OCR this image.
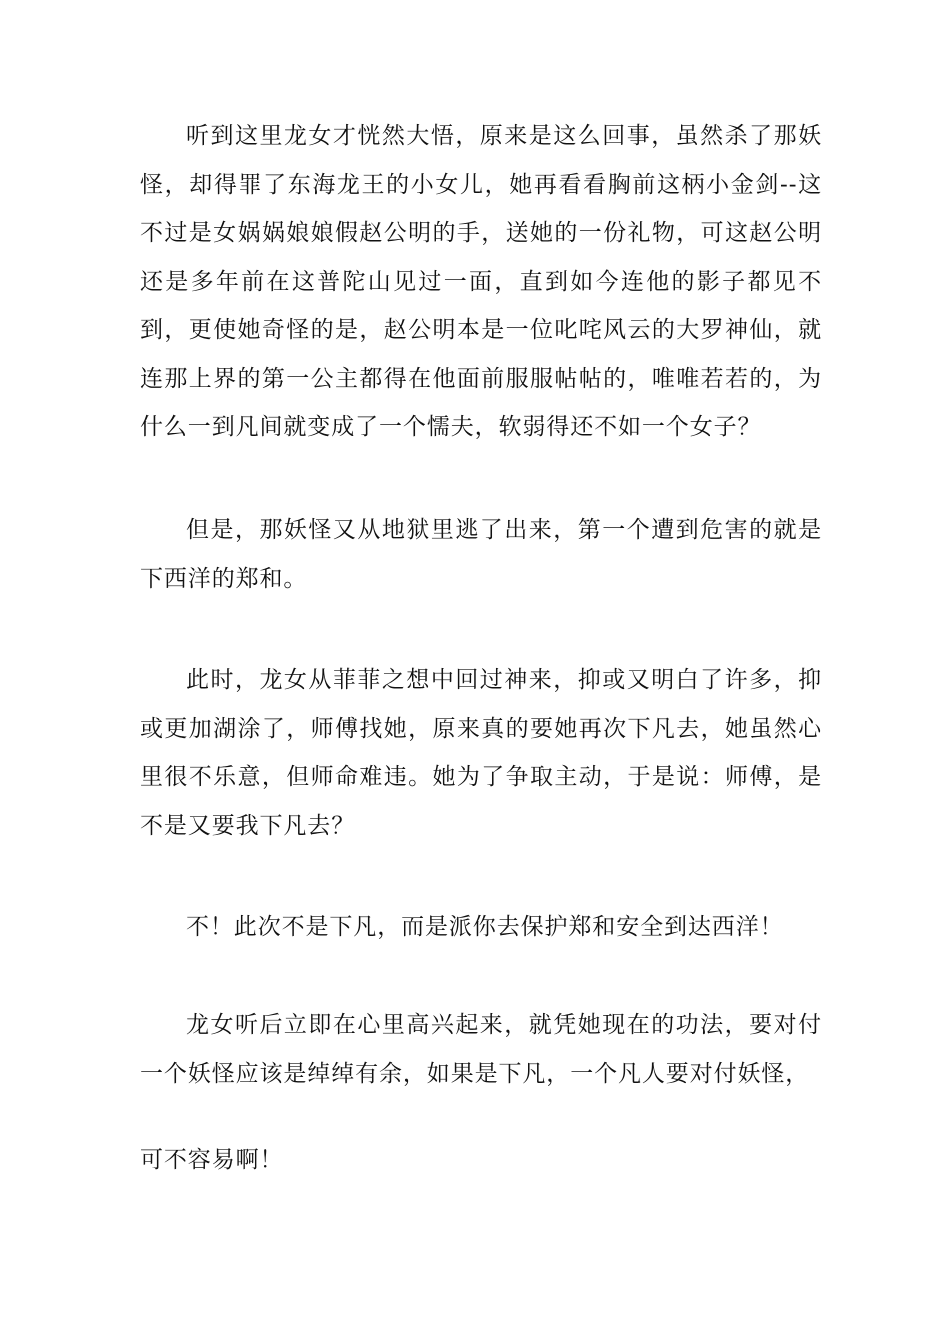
听到这里龙女才恍然大悟，原来是这么回事，虽然杀了那妖怪，却得罪了东海龙王的小女儿，她再看看胸前这柄小金剑--这不过是女娲娲娘娘假赵公明的手，送她的一份礼物，可这赵公明还是多年前在这普陀山见过一面，直到如今连他的影子都见不到，更使她奇怪的是，赵公明本是一位叱咤风云的大罗神仙，就连那上界的第一公主都得在他面前服服帖帖的，唯唯若若的，为什么一到凡间就变成了一个懦夫，软弱得还不如一个女子？

但是，那妖怪又从地狱里逃了出来，第一个遭到危害的就是下西洋的郑和。

此时，龙女从菲菲之想中回过神来，抑或又明白了许多，抑或更加湖涂了，师傅找她，原来真的要她再次下凡去，她虽然心里很不乐意，但师命难违。她为了争取主动，于是说：师傅，是不是又要我下凡去？

不！此次不是下凡，而是派你去保护郑和安全到达西洋！

龙女听后立即在心里高兴起来，就凭她现在的功法，要对付一个妖怪应该是绰绰有余，如果是下凡，一个凡人要对付妖怪，

可不容易啊！
